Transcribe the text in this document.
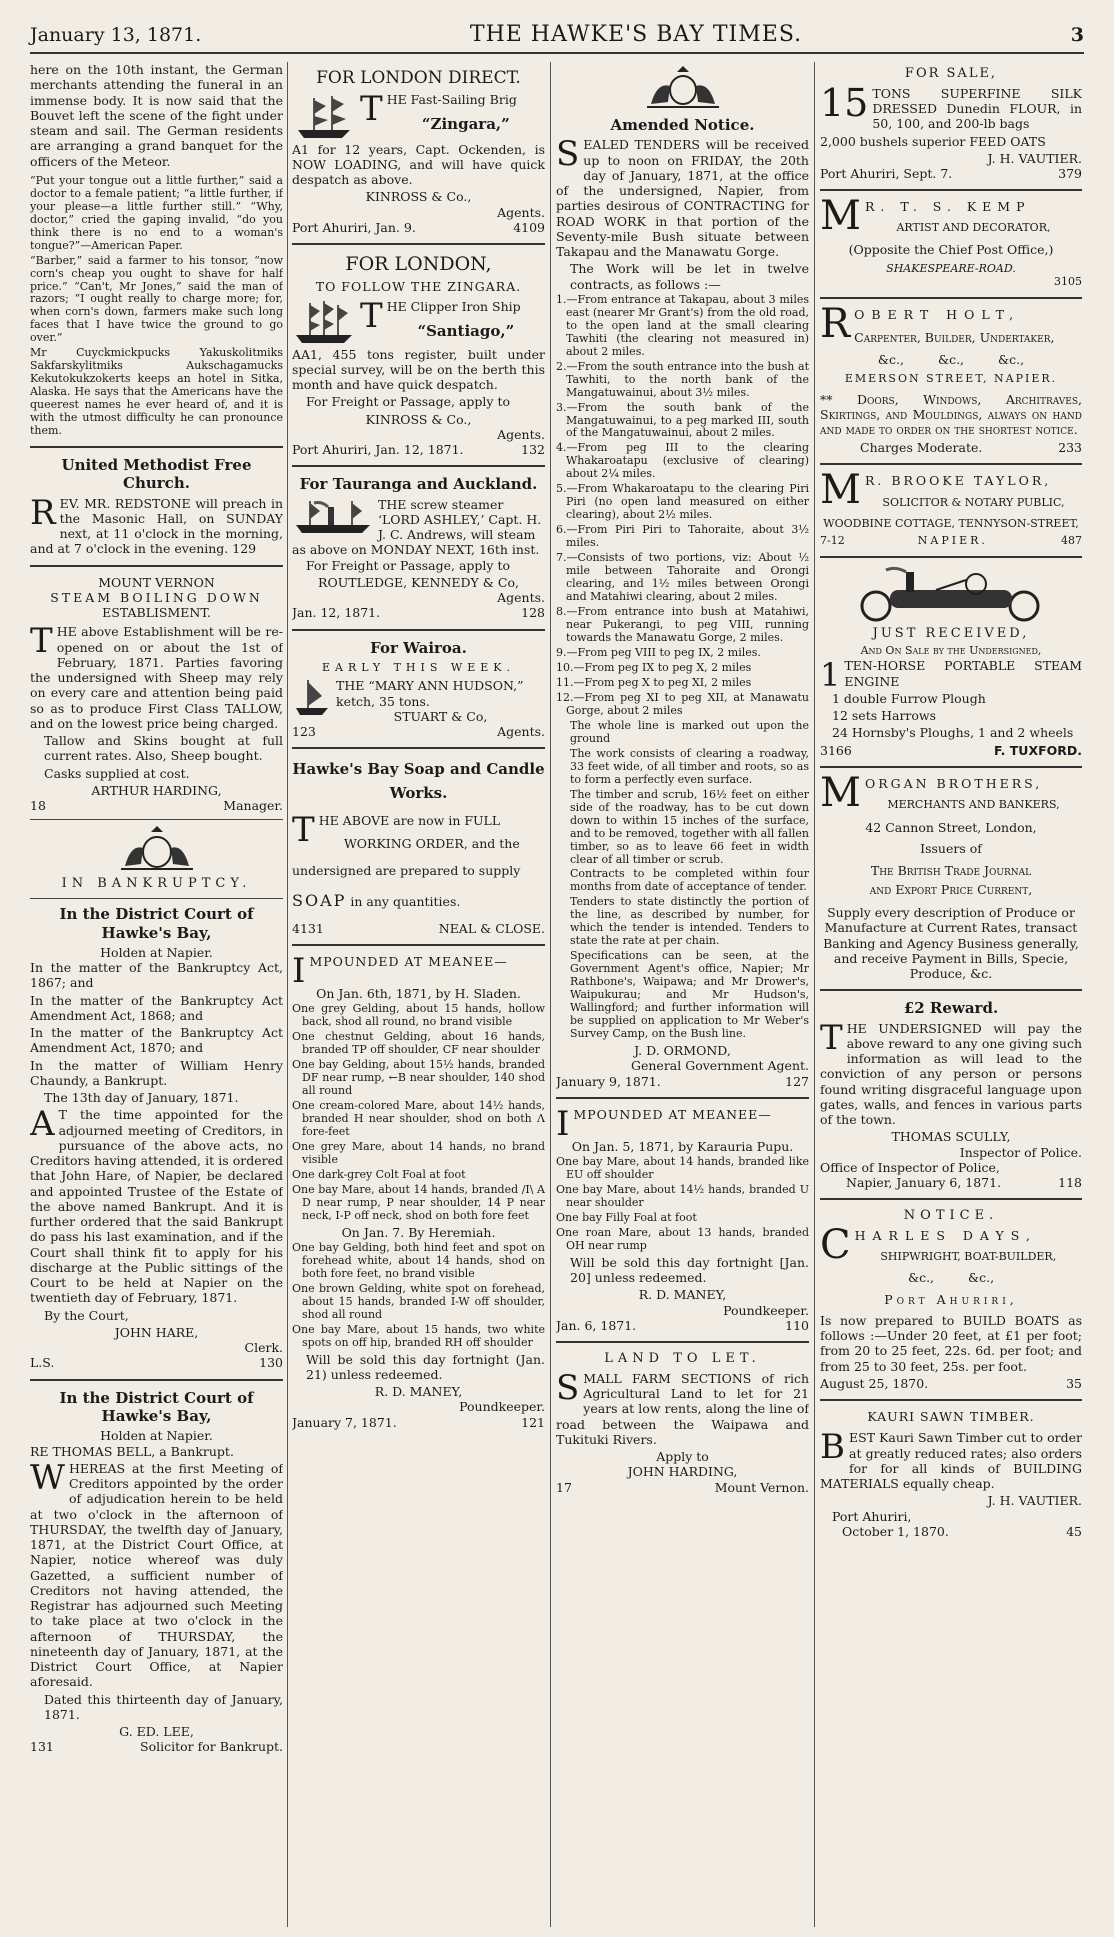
January 13, 1871.	THE HAWKE'S BAY TIMES.	3

here on the 10th instant, the German merchants attending the funeral in an immense body. It is now said that the Bouvet left the scene of the fight under steam and sail. The German residents are arranging a grand banquet for the officers of the Meteor.

“Put your tongue out a little further,” said a doctor to a female patient; “a little further, if your please—a little further still.” “Why, doctor,” cried the gaping invalid, “do you think there is no end to a woman's tongue?”—American Paper.

“Barber,” said a farmer to his tonsor, “now corn's cheap you ought to shave for half price.” “Can't, Mr Jones,” said the man of razors; “I ought really to charge more; for, when corn's down, farmers make such long faces that I have twice the ground to go over.”

Mr Cuyckmickpucks Yakuskolitmiks Sakfarskylitmiks Aukschagamucks Kekutokukzokerts keeps an hotel in Sitka, Alaska. He says that the Americans have the queerest names he ever heard of, and it is with the utmost difficulty he can pronounce them.

United Methodist Free Church.

REV. MR. REDSTONE will preach in the Masonic Hall, on SUNDAY next, at 11 o'clock in the morning, and at 7 o'clock in the evening. 129

MOUNT VERNON
STEAM BOILING DOWN
ESTABLISMENT.

THE above Establishment will be re-opened on or about the 1st of February, 1871. Parties favoring the undersigned with Sheep may rely on every care and attention being paid so as to produce First Class TALLOW, and on the lowest price being charged.

Tallow and Skins bought at full current rates. Also, Sheep bought.

Casks supplied at cost.

ARTHUR HARDING,
18	Manager.
IN BANKRUPTCY.
In the District Court of Hawke's Bay,
Holden at Napier.

In the matter of the Bankruptcy Act, 1867; and

In the matter of the Bankruptcy Act Amendment Act, 1868; and

In the matter of the Bankruptcy Act Amendment Act, 1870; and

In the matter of William Henry Chaundy, a Bankrupt.

The 13th day of January, 1871.

A T the time appointed for the adjourned meeting of Creditors, in pursuance of the above acts, no Creditors having attended, it is ordered that John Hare, of Napier, be declared and appointed Trustee of the Estate of the above named Bankrupt. And it is further ordered that the said Bankrupt do pass his last examination, and if the Court shall think fit to apply for his discharge at the Public sittings of the Court to be held at Napier on the twentieth day of February, 1871.

By the Court,

JOHN HARE,
Clerk.
L.S.	130
In the District Court of Hawke's Bay,
Holden at Napier.

RE THOMAS BELL, a Bankrupt.

WHEREAS at the first Meeting of Creditors appointed by the order of adjudication herein to be held at two o'clock in the afternoon of THURSDAY, the twelfth day of January, 1871, at the District Court Office, at Napier, notice whereof was duly Gazetted, a sufficient number of Creditors not having attended, the Registrar has adjourned such Meeting to take place at two o'clock in the afternoon of THURSDAY, the nineteenth day of January, 1871, at the District Court Office, at Napier aforesaid.

Dated this thirteenth day of January, 1871.

G. ED. LEE,
131	Solicitor for Bankrupt.
FOR LONDON DIRECT.
T HE Fast-Sailing Brig
“Zingara,”

A1 for 12 years, Capt. Ockenden, is NOW LOADING, and will have quick despatch as above.

KINROSS & Co.,
Agents.
Port Ahuriri, Jan. 9.	4109
FOR LONDON,
TO FOLLOW THE ZINGARA.
T HE Clipper Iron Ship
“Santiago,”

AA1, 455 tons register, built under special survey, will be on the berth this month and have quick despatch.

For Freight or Passage, apply to

KINROSS & Co.,
Agents.
Port Ahuriri, Jan. 12, 1871.	132
For Tauranga and Auckland.
THE screw steamer ‘LORD ASHLEY,’ Capt. H. J. C. Andrews, will steam as above on MONDAY NEXT, 16th inst.

For Freight or Passage, apply to

ROUTLEDGE, KENNEDY & Co,
Agents.
Jan. 12, 1871.	128
For Wairoa.
EARLY THIS WEEK.
THE “MARY ANN HUDSON,” ketch, 35 tons.
STUART & Co,
123	Agents.
Hawke's Bay Soap and Candle Works.

THE ABOVE are now in FULL

WORKING ORDER, and the

undersigned are prepared to supply

SOAP in any quantities.

4131	NEAL & CLOSE.

IMPOUNDED AT MEANEE—

On Jan. 6th, 1871, by H. Sladen.

One grey Gelding, about 15 hands, hollow back, shod all round, no brand visible

One chestnut Gelding, about 16 hands, branded TP off shoulder, CF near shoulder

One bay Gelding, about 15½ hands, branded DF near rump, ←B near shoulder, 140 shod all round

One cream-colored Mare, about 14½ hands, branded H near shoulder, shod on both Λ fore-feet

One grey Mare, about 14 hands, no brand visible

One dark-grey Colt Foal at foot

One bay Mare, about 14 hands, branded /I\ A D near rump, P near shoulder, 14 P near neck, I-P off neck, shod on both fore feet

On Jan. 7. By Heremiah.

One bay Gelding, both hind feet and spot on forehead white, about 14 hands, shod on both fore feet, no brand visible

One brown Gelding, white spot on forehead, about 15 hands, branded I-W off shoulder, shod all round

One bay Mare, about 15 hands, two white spots on off hip, branded RH off shoulder

Will be sold this day fortnight (Jan. 21) unless redeemed.

R. D. MANEY,
Poundkeeper.
January 7, 1871.	121
Amended Notice.

SEALED TENDERS will be received up to noon on FRIDAY, the 20th day of January, 1871, at the office of the undersigned, Napier, from parties desirous of CONTRACTING for ROAD WORK in that portion of the Seventy-mile Bush situate between Takapau and the Manawatu Gorge.

The Work will be let in twelve contracts, as follows :—

1.—From entrance at Takapau, about 3 miles east (nearer Mr Grant's) from the old road, to the open land at the small clearing Tawhiti (the clearing not measured in) about 2 miles.

2.—From the south entrance into the bush at Tawhiti, to the north bank of the Mangatuwainui, about 3½ miles.

3.—From the south bank of the Mangatuwainui, to a peg marked III, south of the Mangatuwainui, about 2 miles.

4.—From peg III to the clearing Whakaroatapu (exclusive of clearing) about 2¼ miles.

5.—From Whakaroatapu to the clearing Piri Piri (no open land measured on either clearing), about 2½ miles.

6.—From Piri Piri to Tahoraite, about 3½ miles.

7.—Consists of two portions, viz: About ½ mile between Tahoraite and Orongi clearing, and 1½ miles between Orongi and Matahiwi clearing, about 2 miles.

8.—From entrance into bush at Matahiwi, near Pukerangi, to peg VIII, running towards the Manawatu Gorge, 2 miles.

9.—From peg VIII to peg IX, 2 miles.

10.—From peg IX to peg X, 2 miles

11.—From peg X to peg XI, 2 miles

12.—From peg XI to peg XII, at Manawatu Gorge, about 2 miles

The whole line is marked out upon the ground

The work consists of clearing a roadway, 33 feet wide, of all timber and roots, so as to form a perfectly even surface.

The timber and scrub, 16½ feet on either side of the roadway, has to be cut down down to within 15 inches of the surface, and to be removed, together with all fallen timber, so as to leave 66 feet in width clear of all timber or scrub.

Contracts to be completed within four months from date of acceptance of tender.

Tenders to state distinctly the portion of the line, as described by number, for which the tender is intended. Tenders to state the rate at per chain.

Specifications can be seen, at the Government Agent's office, Napier; Mr Rathbone's, Waipawa; and Mr Drower's, Waipukurau; and Mr Hudson's, Wallingford; and further information will be supplied on application to Mr Weber's Survey Camp, on the Bush line.

J. D. ORMOND,
General Government Agent.
January 9, 1871.	127

IMPOUNDED AT MEANEE—

On Jan. 5, 1871, by Karauria Pupu.

One bay Mare, about 14 hands, branded like EU off shoulder

One bay Mare, about 14½ hands, branded U near shoulder

One bay Filly Foal at foot

One roan Mare, about 13 hands, branded OH near rump

Will be sold this day fortnight [Jan. 20] unless redeemed.

R. D. MANEY,
Poundkeeper.
Jan. 6, 1871.	110
LAND TO LET.

SMALL FARM SECTIONS of rich Agricultural Land to let for 21 years at low rents, along the line of road between the Waipawa and Tukituki Rivers.

Apply to
JOHN HARDING,
17	Mount Vernon.
FOR SALE,

15 TONS SUPERFINE SILK DRESSED Dunedin FLOUR, in 50, 100, and 200-lb bags

2,000 bushels superior FEED OATS

J. H. VAUTIER.
Port Ahuriri, Sept. 7.	379

M R. T. S. KEMP

ARTIST AND DECORATOR,
(Opposite the Chief Post Office,)
SHAKESPEARE-ROAD.
3105

ROBERT HOLT,

Carpenter, Builder, Undertaker,
&c., &c., &c.,
EMERSON STREET, NAPIER.

** Doors, Windows, Architraves, Skirtings, and Mouldings, always on hand and made to order on the shortest notice.

Charges Moderate.	233

M R. BROOKE TAYLOR,

SOLICITOR & NOTARY PUBLIC,
WOODBINE COTTAGE, TENNYSON-STREET,
7-12	NAPIER.	487
JUST RECEIVED,
And On Sale by the Undersigned,

1 TEN-HORSE PORTABLE STEAM ENGINE

1 double Furrow Plough

12 sets Harrows

24 Hornsby's Ploughs, 1 and 2 wheels

3166	F. TUXFORD.

MORGAN BROTHERS,

MERCHANTS AND BANKERS,
42 Cannon Street, London,
Issuers of
The British Trade Journal
and Export Price Current,

Supply every description of Produce or Manufacture at Current Rates, transact Banking and Agency Business generally, and receive Payment in Bills, Specie, Produce, &c.

£2 Reward.

THE UNDERSIGNED will pay the above reward to any one giving such information as will lead to the conviction of any person or persons found writing disgraceful language upon gates, walls, and fences in various parts of the town.

THOMAS SCULLY,
Inspector of Police.
Office of Inspector of Police,
Napier, January 6, 1871.	118
NOTICE.

CHARLES DAYS,

SHIPWRIGHT, BOAT-BUILDER,
&c., &c.,
Port Ahuriri,

Is now prepared to BUILD BOATS as follows :—Under 20 feet, at £1 per foot; from 20 to 25 feet, 22s. 6d. per foot; and from 25 to 30 feet, 25s. per foot.

August 25, 1870.	35
KAURI SAWN TIMBER.

BEST Kauri Sawn Timber cut to order at greatly reduced rates; also orders for for all kinds of BUILDING MATERIALS equally cheap.

J. H. VAUTIER.
Port Ahuriri,
October 1, 1870.	45
